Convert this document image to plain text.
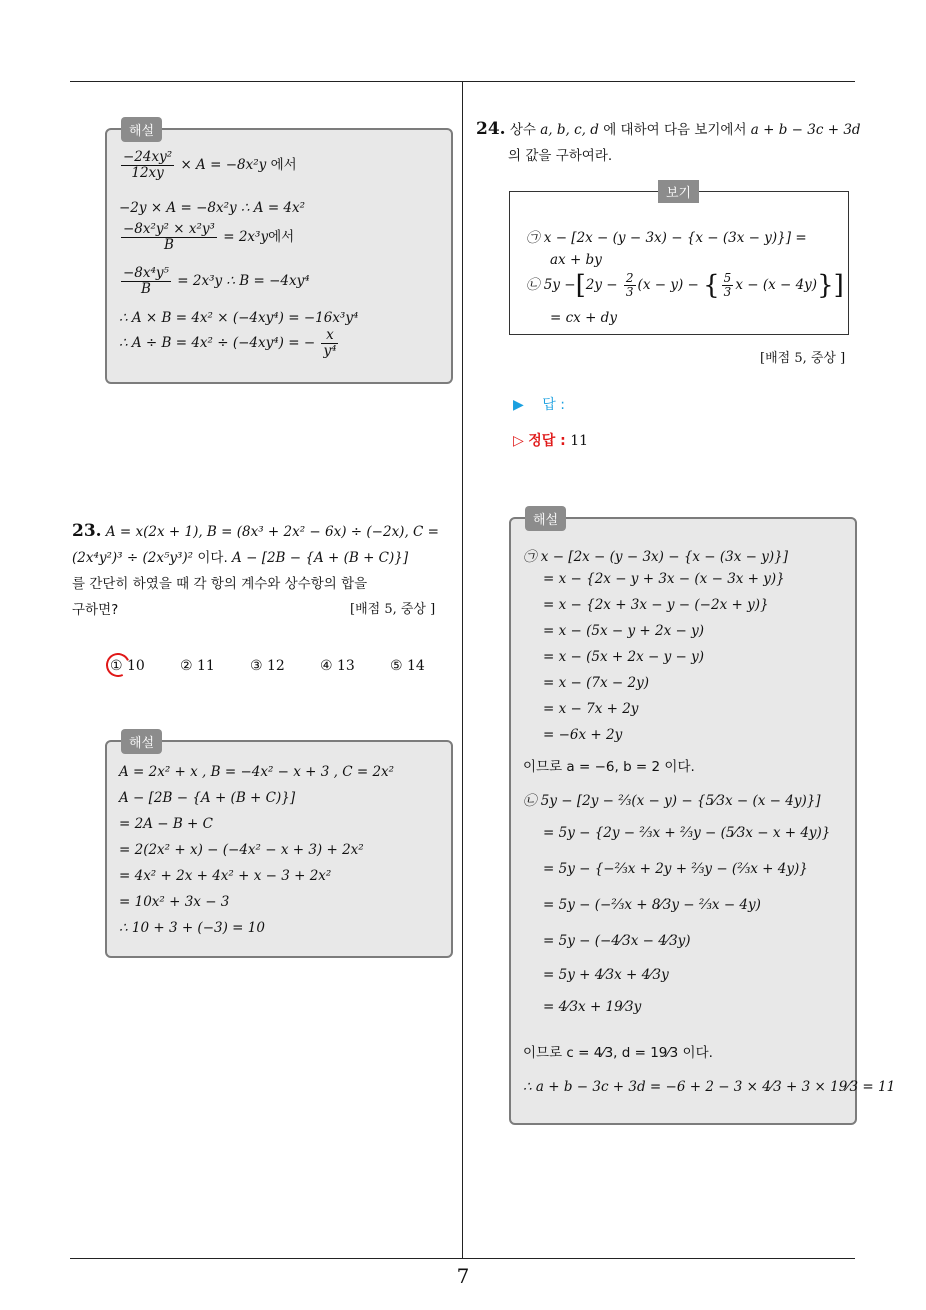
7
해설
$\frac{\text{−24xy²}}{12xy} \times A = -8x^2y$ 에서
−2y × A = −8x²y ∴ A = 4x²
$\frac{\text{−8x²y² × x²y³}}{B} = 2x^3y$에서
$\frac{\text{−8x⁴y⁵}}{B} = 2x^3y$ ∴ B = −4xy⁴
∴ A × B = 4x² × (−4xy⁴) = −16x³y⁴
∴ A ÷ B = 4x² ÷ (−4xy⁴) = − $\frac{x}{\text{y⁴}}$
23. A = x(2x + 1), B = (8x³ + 2x² − 6x) ÷ (−2x), C =
(2x⁴y²)³ ÷ (2x⁵y³)² 이다. A − [2B − {A + (B + C)}]
를 간단히 하였을 때 각 항의 계수와 상수항의 합을
구하면?	[배점 5, 중상 ]
① 10	② 11	③ 12	④ 13	⑤ 14
해설
A = 2x² + x , B = −4x² − x + 3 , C = 2x²
A − [2B − {A + (B + C)}]
= 2A − B + C
= 2(2x² + x) − (−4x² − x + 3) + 2x²
= 4x² + 2x + 4x² + x − 3 + 2x²
= 10x² + 3x − 3
∴ 10 + 3 + (−3) = 10
24. 상수 a, b, c, d 에 대하여 다음 보기에서 a + b − 3c + 3d
의 값을 구하여라.
보기
㉠ x − [2x − (y − 3x) − {x − (3x − y)}] =
ax + by
㉡ $5y -[2y - \frac{2}{3} (x - y)$ − { $\frac{5}{3}$ x − (x − 4y)}]
= cx + dy
[배점 5, 중상 ]
▶ 답 :
▷ 정답 : 11
해설
㉠ x − [2x − (y − 3x) − {x − (3x − y)}]
= x − {2x − y + 3x − (x − 3x + y)}
= x − {2x + 3x − y − (−2x + y)}
= x − (5x − y + 2x − y)
= x − (5x + 2x − y − y)
= x − (7x − 2y)
= x − 7x + 2y
= −6x + 2y
이므로 a = −6, b = 2 이다.
㉡ 5y − [2y − ⅔(x − y) − {5⁄3x − (x − 4y)}]
= 5y − {2y − ⅔x + ⅔y − (5⁄3x − x + 4y)}
= 5y − {−⅔x + 2y + ⅔y − (⅔x + 4y)}
= 5y − (−⅔x + 8⁄3y − ⅔x − 4y)
= 5y − (−4⁄3x − 4⁄3y)
= 5y + 4⁄3x + 4⁄3y
= 4⁄3x + 19⁄3y
이므로 c = 4⁄3, d = 19⁄3 이다.
∴ a + b − 3c + 3d = −6 + 2 − 3 × 4⁄3 + 3 × 19⁄3 = 11
